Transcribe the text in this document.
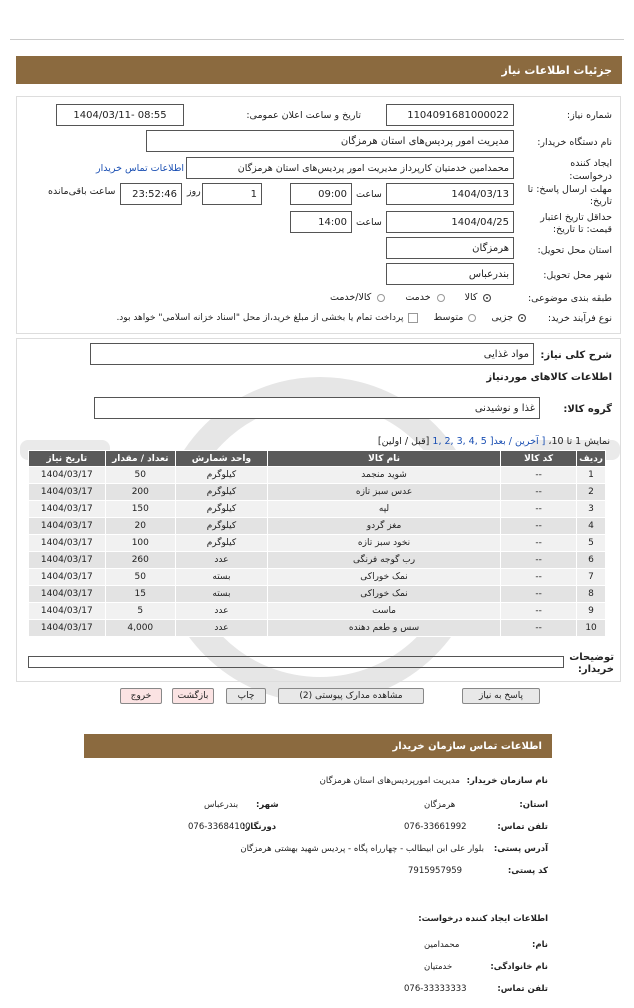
جزئیات اطلاعات نیاز
شماره نیاز:
1104091681000022
تاریخ و ساعت اعلان عمومی:
1404/03/11- 08:55
نام دستگاه خریدار:
مدیریت امور پردیس‌های استان هرمزگان
ایجاد کننده درخواست:
محمدامین خدمتیان کارپرداز مدیریت امور پردیس‌های استان هرمزگان
اطلاعات تماس خریدار
مهلت ارسال پاسخ: تا تاریخ:
1404/03/13
ساعت
09:00
1
روز
23:52:46
ساعت باقی‌مانده
حداقل تاریخ اعتبار قیمت: تا تاریخ:
1404/04/25
ساعت
14:00
استان محل تحویل:
هرمزگان
شهر محل تحویل:
بندرعباس
طبقه بندی موضوعی:
کالا
خدمت
کالا/خدمت
نوع فرآیند خرید:
جزیی
متوسط
پرداخت تمام یا بخشی از مبلغ خرید،از محل "اسناد خزانه اسلامی" خواهد بود.
شرح کلی نیاز:
مواد غذایی
اطلاعات کالاهای موردنیاز
گروه کالا:
غذا و نوشیدنی
نمایش 1 تا 10، [ آخرین / بعد[ 1, 2, 3, 4, 5 [قبل / اولین]
ردیف	کد کالا	نام کالا	واحد شمارش	تعداد / مقدار	تاریخ نیاز
1	--	شوید منجمد	کیلوگرم	50	1404/03/17
2	--	عدس سبز تازه	کیلوگرم	200	1404/03/17
3	--	لپه	کیلوگرم	150	1404/03/17
4	--	مغز گردو	کیلوگرم	20	1404/03/17
5	--	نخود سبز تازه	کیلوگرم	100	1404/03/17
6	--	رب گوجه فرنگی	عدد	260	1404/03/17
7	--	نمک خوراکی	بسته	50	1404/03/17
8	--	نمک خوراکی	بسته	15	1404/03/17
9	--	ماست	عدد	5	1404/03/17
10	--	سس و طعم دهنده	عدد	4,000	1404/03/17
توضیحات خریدار:
پاسخ به نیاز
مشاهده مدارک پیوستی (2)
چاپ
بازگشت
خروج
اطلاعات تماس سازمان خریدار
نام سازمان خریدار: مدیریت امورپردیس‌های استان هرمزگان
استان:
هرمزگان
شهر:
بندرعباس
تلفن تماس:
076-33661992
دورنگار:
076-33684100
آدرس پستی:
بلوار علی ابن ابیطالب - چهارراه پگاه - پردیس شهید بهشتی هرمزگان
کد پستی:
7915957959
اطلاعات ایجاد کننده درخواست:
نام:
محمدامین
نام خانوادگی:
خدمتیان
تلفن تماس:
076-33333333
